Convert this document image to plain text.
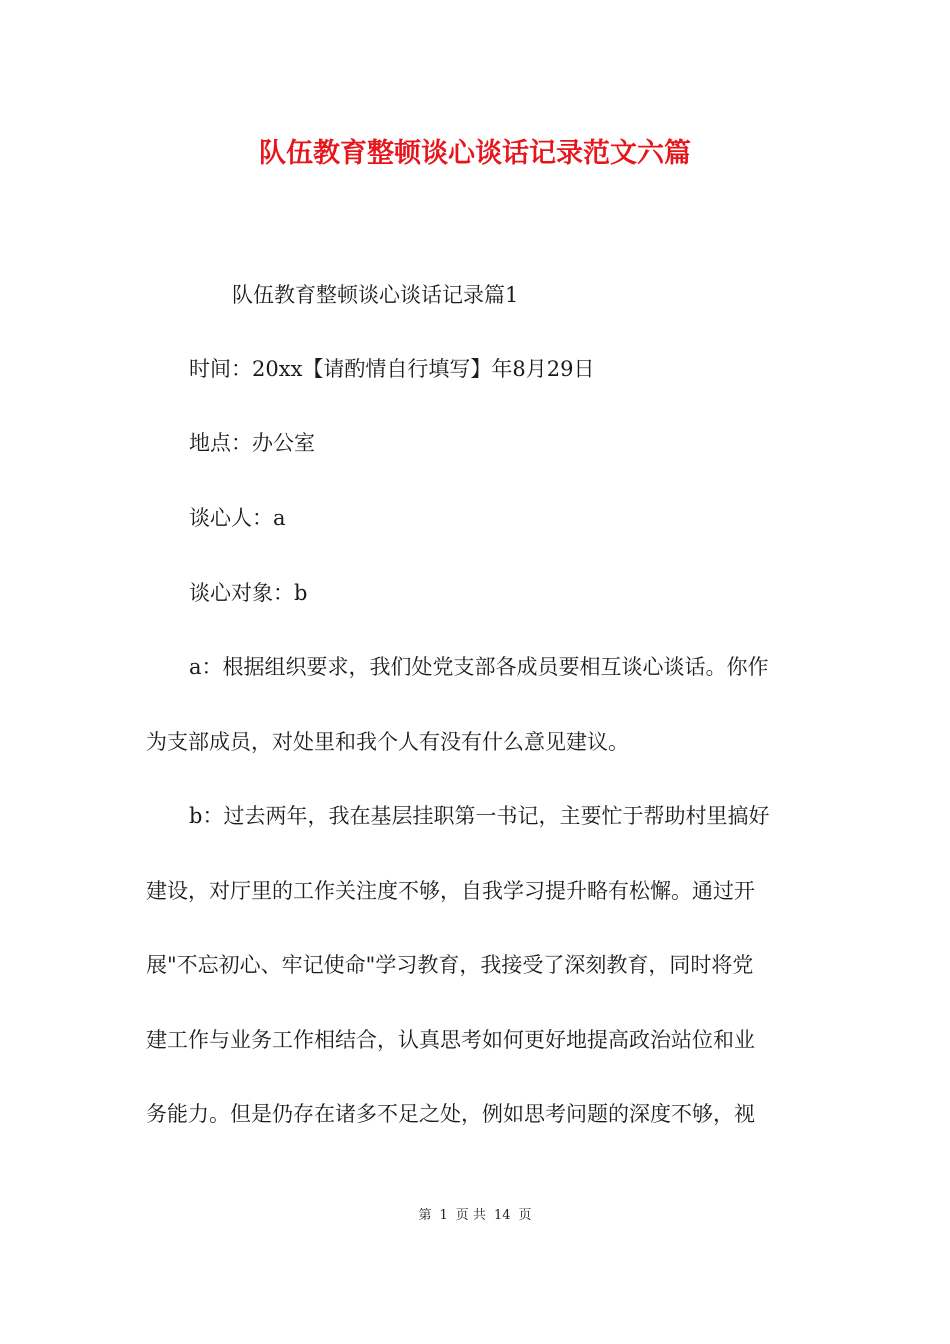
队伍教育整顿谈心谈话记录范文六篇

队伍教育整顿谈心谈话记录篇1

时间：20xx【请酌情自行填写】年8月29日

地点：办公室

谈心人：a

谈心对象：b

a：根据组织要求，我们处党支部各成员要相互谈心谈话。你作

为支部成员，对处里和我个人有没有什么意见建议。

b：过去两年，我在基层挂职第一书记，主要忙于帮助村里搞好

建设，对厅里的工作关注度不够，自我学习提升略有松懈。通过开

展"不忘初心、牢记使命"学习教育，我接受了深刻教育，同时将党

建工作与业务工作相结合，认真思考如何更好地提高政治站位和业

务能力。但是仍存在诸多不足之处，例如思考问题的深度不够，视

第 1 页 共 14 页
